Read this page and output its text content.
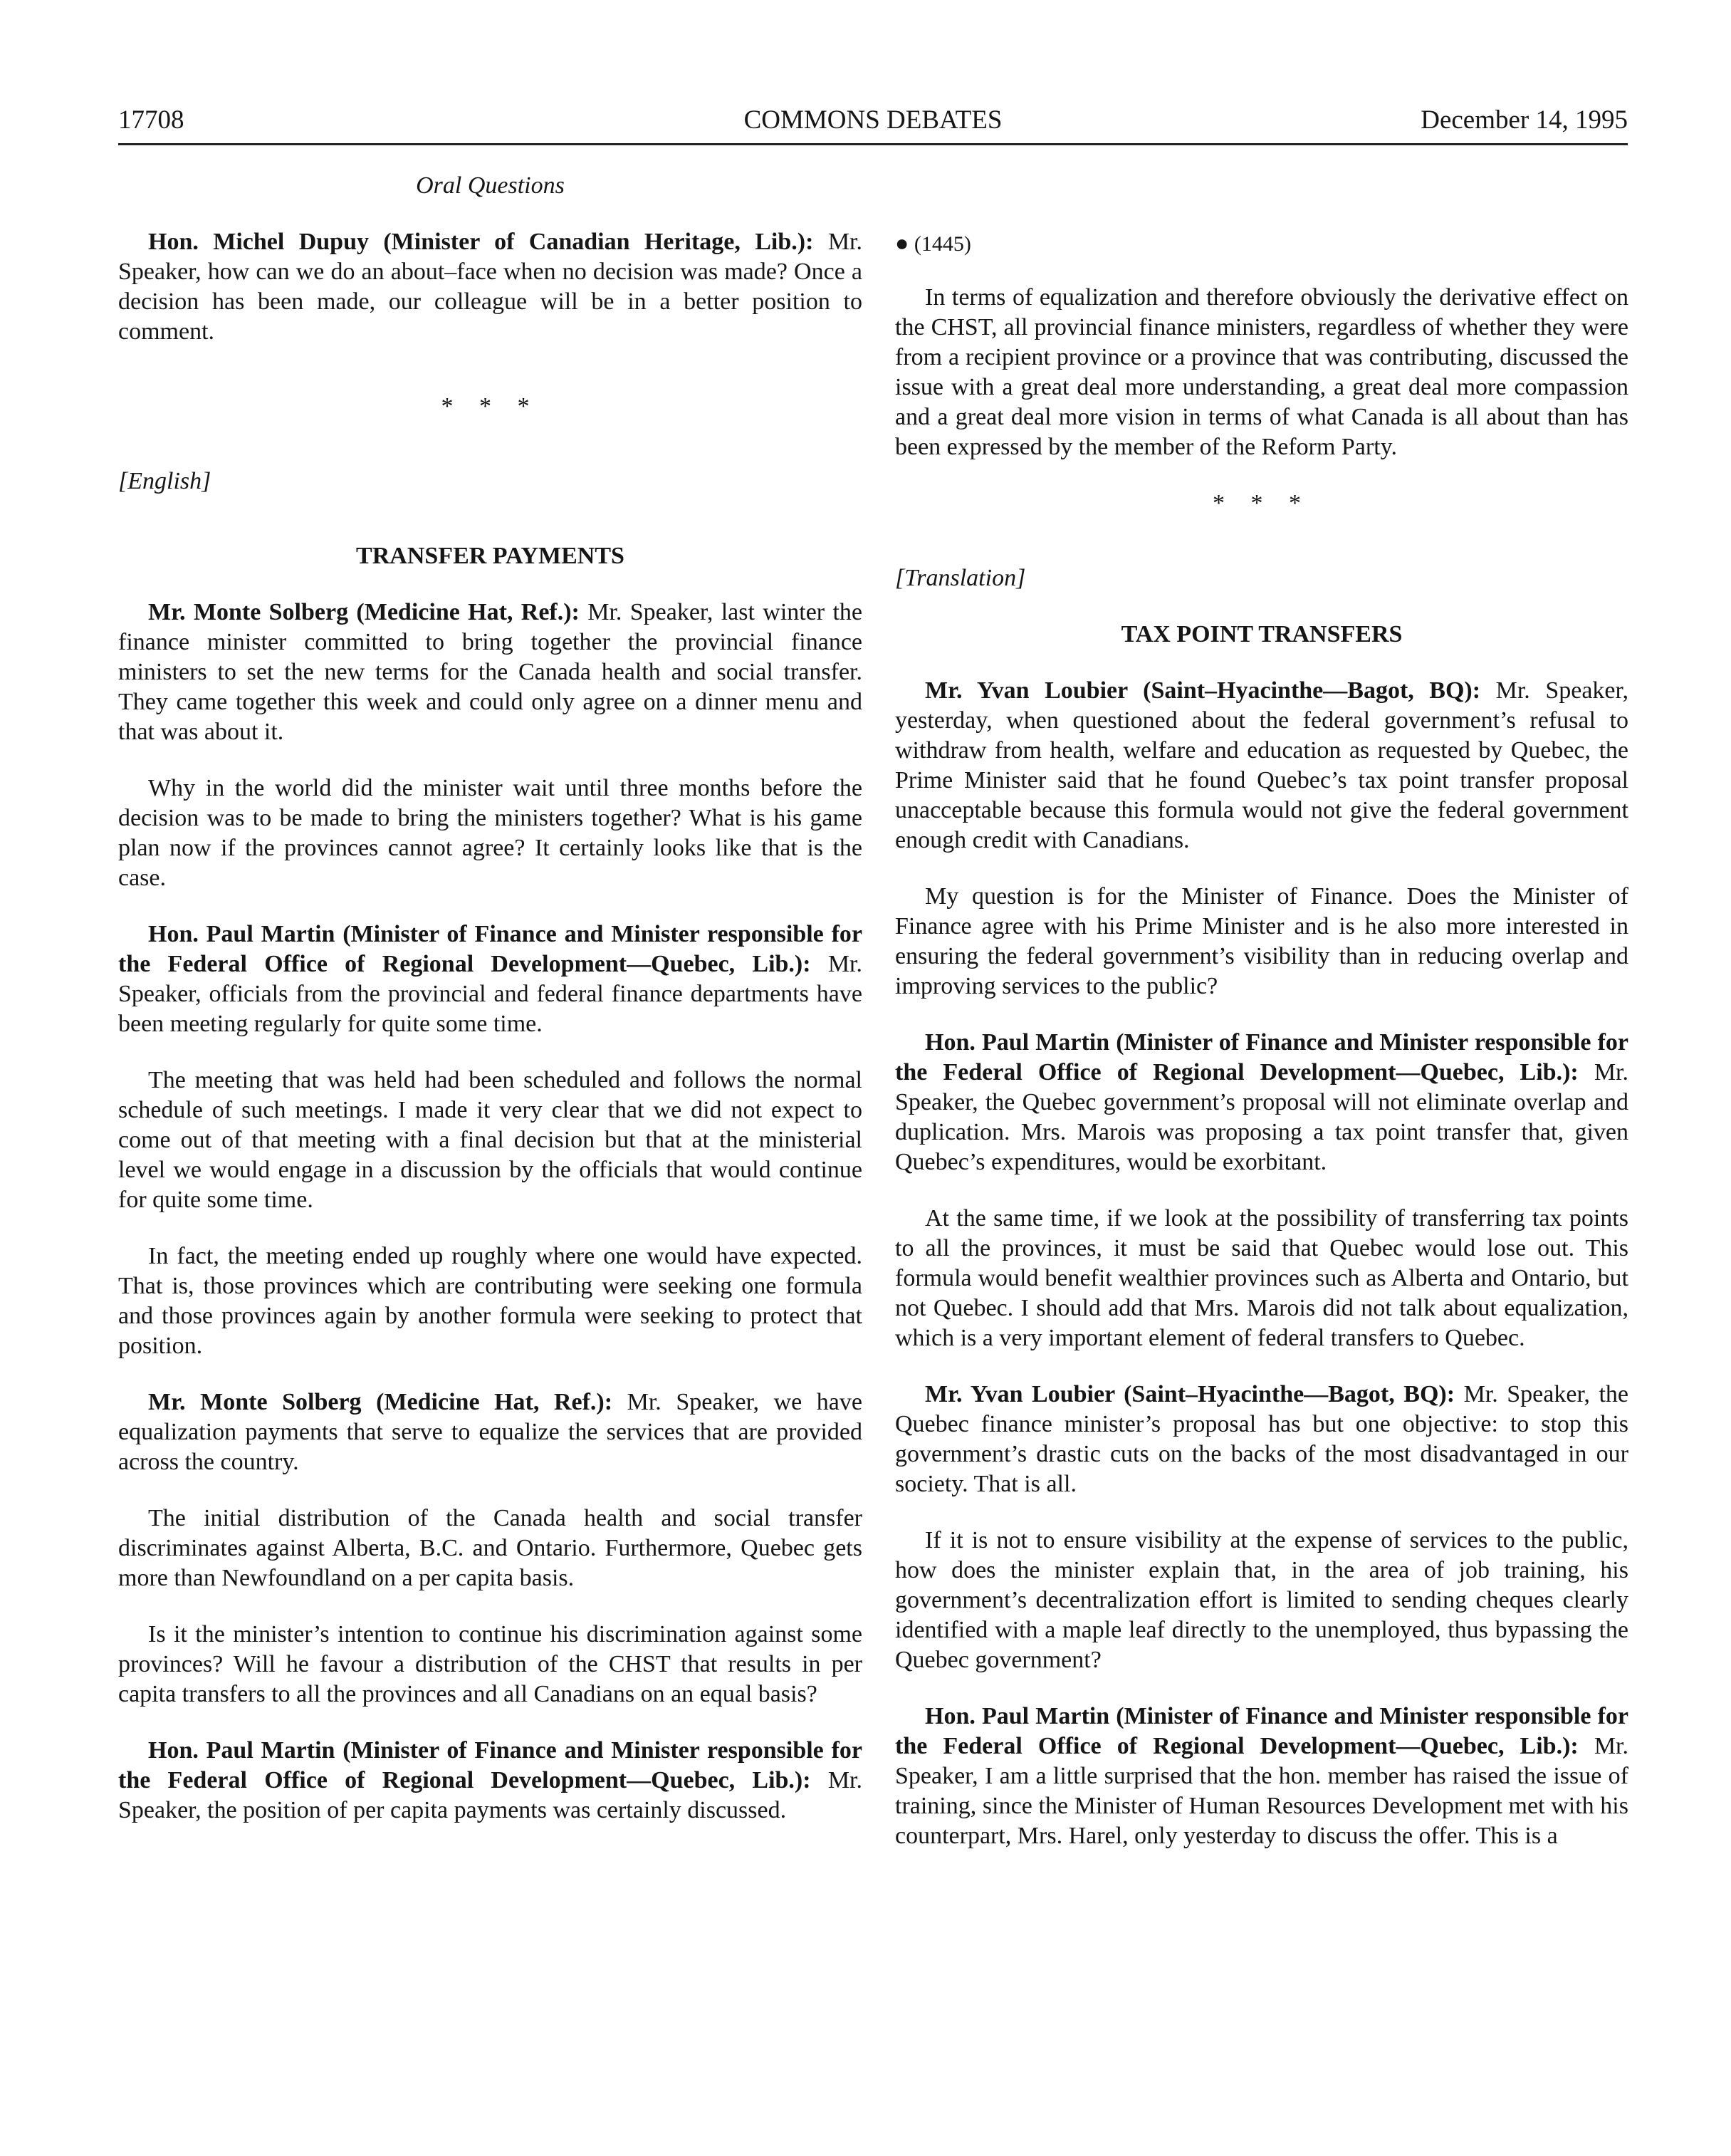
COMMONS DEBATES
17708	December 14, 1995

Oral Questions

Hon. Michel Dupuy (Minister of Canadian Heritage, Lib.): Mr. Speaker, how can we do an about–face when no decision was made? Once a decision has been made, our colleague will be in a better position to comment.

* * *

[English]

TRANSFER PAYMENTS

Mr. Monte Solberg (Medicine Hat, Ref.): Mr. Speaker, last winter the finance minister committed to bring together the provincial finance ministers to set the new terms for the Canada health and social transfer. They came together this week and could only agree on a dinner menu and that was about it.

Why in the world did the minister wait until three months before the decision was to be made to bring the ministers together? What is his game plan now if the provinces cannot agree? It certainly looks like that is the case.

Hon. Paul Martin (Minister of Finance and Minister responsible for the Federal Office of Regional Development—Quebec, Lib.): Mr. Speaker, officials from the provincial and federal finance departments have been meeting regularly for quite some time.

The meeting that was held had been scheduled and follows the normal schedule of such meetings. I made it very clear that we did not expect to come out of that meeting with a final decision but that at the ministerial level we would engage in a discussion by the officials that would continue for quite some time.

In fact, the meeting ended up roughly where one would have expected. That is, those provinces which are contributing were seeking one formula and those provinces again by another formula were seeking to protect that position.

Mr. Monte Solberg (Medicine Hat, Ref.): Mr. Speaker, we have equalization payments that serve to equalize the services that are provided across the country.

The initial distribution of the Canada health and social transfer discriminates against Alberta, B.C. and Ontario. Furthermore, Quebec gets more than Newfoundland on a per capita basis.

Is it the minister’s intention to continue his discrimination against some provinces? Will he favour a distribution of the CHST that results in per capita transfers to all the provinces and all Canadians on an equal basis?

Hon. Paul Martin (Minister of Finance and Minister responsible for the Federal Office of Regional Development—Quebec, Lib.): Mr. Speaker, the position of per capita payments was certainly discussed.

● (1445)

In terms of equalization and therefore obviously the derivative effect on the CHST, all provincial finance ministers, regardless of whether they were from a recipient province or a province that was contributing, discussed the issue with a great deal more understanding, a great deal more compassion and a great deal more vision in terms of what Canada is all about than has been expressed by the member of the Reform Party.

* * *

[Translation]

TAX POINT TRANSFERS

Mr. Yvan Loubier (Saint–Hyacinthe—Bagot, BQ): Mr. Speaker, yesterday, when questioned about the federal government’s refusal to withdraw from health, welfare and education as requested by Quebec, the Prime Minister said that he found Quebec’s tax point transfer proposal unacceptable because this formula would not give the federal government enough credit with Canadians.

My question is for the Minister of Finance. Does the Minister of Finance agree with his Prime Minister and is he also more interested in ensuring the federal government’s visibility than in reducing overlap and improving services to the public?

Hon. Paul Martin (Minister of Finance and Minister responsible for the Federal Office of Regional Development—Quebec, Lib.): Mr. Speaker, the Quebec government’s proposal will not eliminate overlap and duplication. Mrs. Marois was proposing a tax point transfer that, given Quebec’s expenditures, would be exorbitant.

At the same time, if we look at the possibility of transferring tax points to all the provinces, it must be said that Quebec would lose out. This formula would benefit wealthier provinces such as Alberta and Ontario, but not Quebec. I should add that Mrs. Marois did not talk about equalization, which is a very important element of federal transfers to Quebec.

Mr. Yvan Loubier (Saint–Hyacinthe—Bagot, BQ): Mr. Speaker, the Quebec finance minister’s proposal has but one objective: to stop this government’s drastic cuts on the backs of the most disadvantaged in our society. That is all.

If it is not to ensure visibility at the expense of services to the public, how does the minister explain that, in the area of job training, his government’s decentralization effort is limited to sending cheques clearly identified with a maple leaf directly to the unemployed, thus bypassing the Quebec government?

Hon. Paul Martin (Minister of Finance and Minister responsible for the Federal Office of Regional Development—Quebec, Lib.): Mr. Speaker, I am a little surprised that the hon. member has raised the issue of training, since the Minister of Human Resources Development met with his counterpart, Mrs. Harel, only yesterday to discuss the offer. This is a
